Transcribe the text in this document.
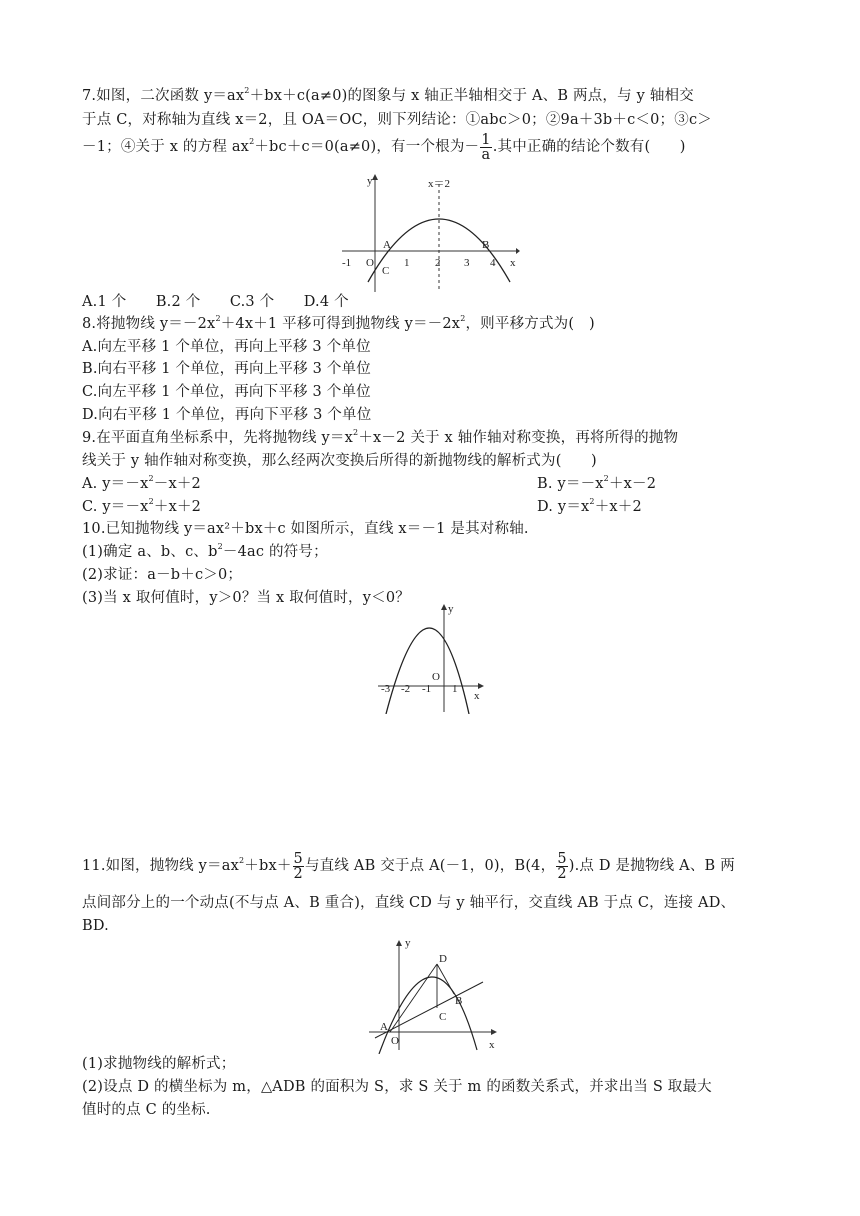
7.如图，二次函数 $y=ax^2+bx+c(a\ne 0)$的图象与 x 轴正半轴相交于 A、B 两点，与 y 轴相交
于点 C，对称轴为直线 x＝2，且 OA＝OC，则下列结论：①abc＞0；②9a＋3b＋c＜0；③c＞
－1；④关于 x 的方程 $ax^2+bc+c=0(a\ne 0)$，有一个根为－ $\frac{1}{a}$ .其中正确的结论个数有(　　)
y	x＝2
x
A	B
O
C
-1	1 2 3 4
A.1 个　　B.2 个　　C.3 个　　D.4 个
8.将抛物线 $y=-2x^2+4x+1$ 平移可得到抛物线 $y=-2x^2$，则平移方式为(　)
A.向左平移 1 个单位，再向上平移 3 个单位
B.向右平移 1 个单位，再向上平移 3 个单位
C.向左平移 1 个单位，再向下平移 3 个单位
D.向右平移 1 个单位，再向下平移 3 个单位
9.在平面直角坐标系中，先将抛物线 $y=x^2+x-2$ 关于 x 轴作轴对称变换，再将所得的抛物
线关于 y 轴作轴对称变换，那么经两次变换后所得的新抛物线的解析式为(　　)
A. $y=-x^2-x+2$	B. $y=-x^2+x-2$
C. $y=-x^2+x+2$	D. $y=x^2+x+2$
10.已知抛物线 y＝ax²＋bx＋c 如图所示，直线 x＝－1 是其对称轴.
(1)确定 a、b、c、$b^2-4ac$ 的符号；
(2)求证：a－b＋c＞0；
(3)当 x 取何值时，y＞0？当 x 取何值时，y＜0？
y
x
O
-3 -2 -1 1
11.如图，抛物线 $y=ax^2+bx+ \frac{5}{2}$ 与直线 AB 交于点 A(－1，0)，B(4， $\frac{5}{2}$ ).点 D 是抛物线 A、B 两
点间部分上的一个动点(不与点 A、B 重合)，直线 CD 与 y 轴平行，交直线 AB 于点 C，连接 AD、
BD.
y
x
A
O
D
B
C
(1)求抛物线的解析式；
(2)设点 D 的横坐标为 m，△ADB 的面积为 S，求 S 关于 m 的函数关系式，并求出当 S 取最大
值时的点 C 的坐标.
